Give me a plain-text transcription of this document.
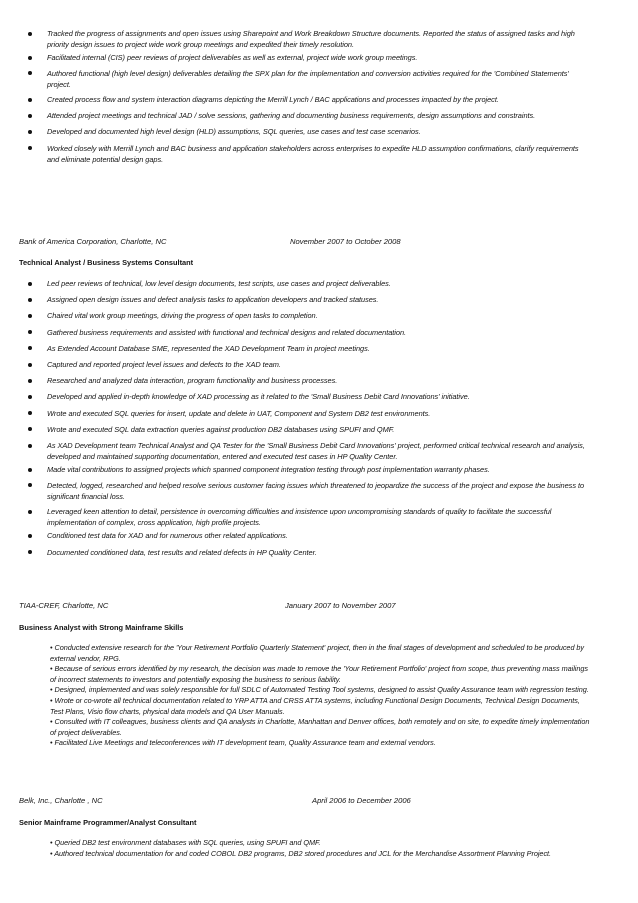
Tracked the progress of assignments and open issues using Sharepoint and Work Breakdown Structure documents. Reported the status of assigned tasks and high priority design issues to project wide work group meetings and expedited their timely resolution.
Facilitated internal (CIS) peer reviews of project deliverables as well as external, project wide work group meetings.
Authored functional (high level design) deliverables detailing the SPX plan for the implementation and conversion activities required for the 'Combined Statements' project.
Created process flow and system interaction diagrams depicting the Merrill Lynch / BAC applications and processes impacted by the project.
Attended project meetings and technical JAD / solve sessions, gathering and documenting business requirements, design assumptions and constraints.
Developed and documented high level design (HLD) assumptions, SQL queries, use cases and test case scenarios.
Worked closely with Merrill Lynch and BAC business and application stakeholders across enterprises to expedite HLD assumption confirmations, clarify requirements and eliminate potential design gaps.
Bank of America Corporation, Charlotte, NC	November 2007 to October 2008
Technical Analyst / Business Systems Consultant
Led peer reviews of technical, low level design documents, test scripts, use cases and project deliverables.
Assigned open design issues and defect analysis tasks to application developers and tracked statuses.
Chaired vital work group meetings, driving the progress of open tasks to completion.
Gathered business requirements and assisted with functional and technical designs and related documentation.
As Extended Account Database SME, represented the XAD Development Team in project meetings.
Captured and reported project level issues and defects to the XAD team.
Researched and analyzed data interaction, program functionality and business processes.
Developed and applied in-depth knowledge of XAD processing as it related to the 'Small Business Debit Card Innovations' initiative.
Wrote and executed SQL queries for insert, update and delete in UAT, Component and System DB2 test environments.
Wrote and executed SQL data extraction queries against production DB2 databases using SPUFI and QMF.
As XAD Development team Technical Analyst and QA Tester for the 'Small Business Debit Card Innovations' project, performed critical technical research and analysis, developed and maintained supporting documentation, entered and executed test cases in HP Quality Center.
Made vital contributions to assigned projects which spanned component integration testing through post implementation warranty phases.
Detected, logged, researched and helped resolve serious customer facing issues which threatened to jeopardize the success of the project and expose the business to significant financial loss.
Leveraged keen attention to detail, persistence in overcoming difficulties and insistence upon uncompromising standards of quality to facilitate the successful implementation of complex, cross application, high profile projects.
Conditioned test data for XAD and for numerous other related applications.
Documented conditioned data, test results and related defects in HP Quality Center.
TIAA-CREF, Charlotte, NC	January 2007 to November 2007
Business Analyst with Strong Mainframe Skills
• Conducted extensive research for the 'Your Retirement Portfolio Quarterly Statement' project, then in the final stages of development and scheduled to be produced by external vendor, RPG.
• Because of serious errors identified by my research, the decision was made to remove the 'Your Retirement Portfolio' project from scope, thus preventing mass mailings of incorrect statements to investors and potentially exposing the business to serious liability.
• Designed, implemented and was solely responsible for full SDLC of Automated Testing Tool systems, designed to assist Quality Assurance team with regression testing.
• Wrote or co-wrote all technical documentation related to YRP ATTA and CRSS ATTA systems, including Functional Design Documents, Technical Design Documents, Test Plans, Visio flow charts, physical data models and QA User Manuals.
• Consulted with IT colleagues, business clients and QA analysts in Charlotte, Manhattan and Denver offices, both remotely and on site, to expedite timely implementation of project deliverables.
• Facilitated Live Meetings and teleconferences with IT development team, Quality Assurance team and external vendors.
Belk, Inc., Charlotte , NC	April 2006 to December 2006
Senior Mainframe Programmer/Analyst Consultant
• Queried DB2 test environment databases with SQL queries, using SPUFI and QMF.
• Authored technical documentation for and coded COBOL DB2 programs, DB2 stored procedures and JCL for the Merchandise Assortment Planning Project.
